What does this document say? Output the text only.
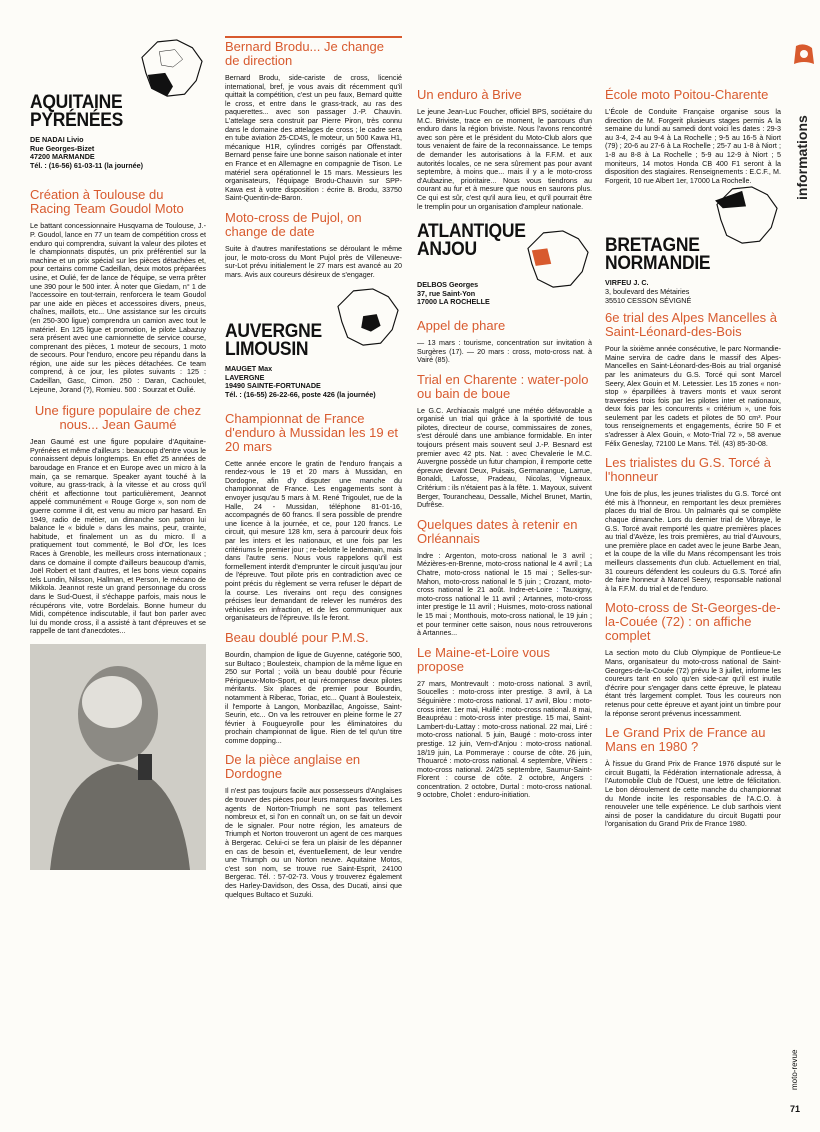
informations
moto-revue
71
AQUITAINE
PYRÉNÉES
DE NADAI Livio
Rue Georges-Bizet
47200 MARMANDE
Tél. : (16-56) 61-03-11 (la journée)
Création à Toulouse du Racing Team Goudol Moto

Le battant concessionnaire Husqvarna de Toulouse, J.-P. Goudol, lance en 77 un team de compétition cross et enduro qui comprendra, suivant la valeur des pilotes et le championnats disputés, un prix préférentiel sur la machine et un prix spécial sur les pièces détachées et, pour certains comme Cadeillan, deux motos préparées usine, et Oulié, fer de lance de l'équipe, se verra prêter une 390 pour le 500 inter. À noter que Giedam, n° 1 de l'accessoire en tout-terrain, renforcera le team Goudol par une aide en pièces et accessoires divers, pneus, chaînes, maillots, etc... Une assistance sur les circuits (en 250-300 ligue) comprendra un camion avec tout le matériel. En 125 ligue et promotion, le pilote Labazuy sera présent avec une camionnette de service course, comprenant des pièces, 1 moteur de secours, 1 moto de secours. Pour l'enduro, encore peu répandu dans la région, une aide sur les pièces détachées. Ce team comprend, à ce jour, les pilotes suivants : 125 : Cadeillan, Gasc, Cimon. 250 : Daran, Cachoulet, Lejeune, Jorand (?), Romieu. 500 : Sourzat et Oulié.

Une figure populaire de chez nous... Jean Gaumé

Jean Gaumé est une figure populaire d'Aquitaine-Pyrénées et même d'ailleurs : beaucoup d'entre vous le connaissent depuis longtemps. En effet 25 années de baroudage en France et en Europe avec un micro à la main, ça se remarque. Speaker ayant touché à la voiture, au grass-track, à la vitesse et au cross qu'il chérit et affectionne tout particulièrement, Jeannot appelé communément « Rouge Gorge », son nom de guerre comme il dit, est venu au micro par hasard. En 1949, radio de métier, un dimanche son patron lui balance le « bidule » dans les mains, peur, crainte, habitude, et finalement un as du micro. Il a pratiquement tout commenté, le Bol d'Or, les Ices Races à Grenoble, les meilleurs cross internationaux ; dans ce domaine il compte d'ailleurs beaucoup d'amis, Joël Robert et tant d'autres, et les bons vieux copains tels Lundin, Nilsson, Hallman, et Person, le mécano de Mikkola. Jeannot reste un grand personnage du cross dans le Sud-Ouest, il s'échappe parfois, mais nous le récupérons vite, votre Bordelais. Bonne humeur du Midi, compétence indiscutable, il faut bon parler avec lui du monde cross, il a assisté à tant d'épreuves et se rappelle de tant d'anecdotes...

Bernard Brodu... Je change de direction

Bernard Brodu, side-cariste de cross, licencié international, bref, je vous avais dit récemment qu'il quittait la compétition, c'est un peu faux, Bernard quitte le cross, et entre dans le grass-track, au ras des paquerettes... avec son passager J.-P. Chauvin. L'attelage sera construit par Pierre Piron, très connu dans le domaine des attelages de cross ; le cadre sera en tube aviation 25-CD4S, le moteur, un 500 Kawa H1, mécanique H1R, cylindres corrigés par Offenstadt. Bernard pense faire une bonne saison nationale et inter en France et en Allemagne en compagnie de Tison. Le matériel sera opérationnel le 15 mars. Messieurs les organisateurs, l'équipage Brodu-Chauvin sur SPP-Kawa est à votre disposition : écrire B. Brodu, 33750 Saint-Quentin-de-Baron.

Moto-cross de Pujol, on change de date

Suite à d'autres manifestations se déroulant le même jour, le moto-cross du Mont Pujol près de Villeneuve-sur-Lot prévu initialement le 27 mars est avancé au 20 mars. Avis aux coureurs désireux de s'engager.

AUVERGNE
LIMOUSIN
MAUGET Max
LAVERGNE
19490 SAINTE-FORTUNADE
Tél. : (16-55) 26-22-66, poste 426 (la journée)
Championnat de France d'enduro à Mussidan les 19 et 20 mars

Cette année encore le gratin de l'enduro français a rendez-vous le 19 et 20 mars à Mussidan, en Dordogne, afin d'y disputer une manche du championnat de France. Les engagements sont à envoyer jusqu'au 5 mars à M. René Trigoulet, rue de la Halle, 24 - Mussidan, téléphone 81-01-16, accompagnés de 60 francs. Il sera possible de prendre une licence à la journée, et ce, pour 120 francs. Le circuit, qui mesure 128 km, sera à parcourir deux fois par les inters et les nationaux, et une fois par les critériums le premier jour ; re-belotte le lendemain, mais dans l'autre sens. Nous vous rappelons qu'il est formellement interdit d'emprunter le circuit jusqu'au jour de l'épreuve. Tout pilote pris en contradiction avec ce point précis du règlement se verra refuser le départ de la course. Les riverains ont reçu des consignes précises leur demandant de relever les numéros des véhicules en infraction, et de les communiquer aux organisateurs de l'épreuve. Ils le feront.

Beau doublé pour P.M.S.

Bourdin, champion de ligue de Guyenne, catégorie 500, sur Bultaco ; Boulesteix, champion de la même ligue en 250 sur Portal ; voilà un beau doublé pour l'écurie Périgueux-Moto-Sport, et qui récompense deux pilotes méritants. Six places de premier pour Bourdin, notamment à Riberac, Toriac, etc... Quant à Boulesteix, il l'emporte à Langon, Monbazillac, Angoisse, Saint-Seurin, etc... On va les retrouver en pleine forme le 27 février à Fougueyrolle pour les éliminatoires du prochain championnat de ligue. Rien de tel qu'un titre comme dopping...

De la pièce anglaise en Dordogne

Il n'est pas toujours facile aux possesseurs d'Anglaises de trouver des pièces pour leurs marques favorites. Les agents de Norton-Triumph ne sont pas tellement nombreux et, si l'on en connaît un, on se fait un devoir de le signaler. Pour notre région, les amateurs de Triumph et Norton trouveront un agent de ces marques à Bergerac. Celui-ci se fera un plaisir de les dépanner en cas de besoin et, éventuellement, de leur vendre une Triumph ou un Norton neuve. Aquitaine Motos, c'est son nom, se trouve rue Saint-Esprit, 24100 Bergerac. Tél. : 57-02-73. Vous y trouverez également des Harley-Davidson, des Ossa, des Ducati, ainsi que quelques Bultaco et Suzuki.

Un enduro à Brive

Le jeune Jean-Luc Foucher, officiel BPS, sociétaire du M.C. Briviste, trace en ce moment, le parcours d'un enduro dans la région briviste. Nous l'avons rencontré avec son père et le président du Moto-Club alors que tous venaient de faire de la reconnaissance. Le temps de demander les autorisations à la F.F.M. et aux autorités locales, ce ne sera sûrement pas pour avant septembre, à moins que... mais il y a le moto-cross d'Aubazine, prioritaire... Nous vous tiendrons au courant au fur et à mesure que nous en saurons plus. Ce qui est sûr, c'est qu'il aura lieu, et qu'il pourrait être le tremplin pour un organisation d'ampleur nationale.

ATLANTIQUE
ANJOU
DELBOS Georges
37, rue Saint-Yon
17000 LA ROCHELLE
Appel de phare

— 13 mars : tourisme, concentration sur invitation à Surgères (17). — 20 mars : cross, moto-cross nat. à Vairé (85).

Trial en Charente : water-polo ou bain de boue

Le G.C. Archiacais malgré une météo défavorable a organisé un trial qui grâce à la sportivité de tous pilotes, directeur de course, commissaires de zones, s'est déroulé dans une ambiance formidable. En inter toujours présent mais souvent seul J.-P. Besnard est premier avec 42 pts. Nat. : avec Chevalerie le M.C. Auvergne possède un futur champion, il remporte cette épreuve devant Deux, Puisais, Germanangue, Larrue, Bonaldi, Lafosse, Pradeau, Nicolas, Vigneaux. Critérium : ils n'étaient pas à la fête. 1. Mayoux, suivent Berger, Tourancheau, Dessalle, Michel Brunet, Martin, Dufrêse.

Quelques dates à retenir en Orléannais

Indre : Argenton, moto-cross national le 3 avril ; Mézières-en-Brenne, moto-cross national le 4 avril ; La Chatre, moto-cross national le 15 mai ; Selles-sur-Mahon, moto-cross national le 5 juin ; Crozant, moto-cross national le 21 août. Indre-et-Loire : Tauxigny, moto-cross national le 11 avril ; Artannes, moto-cross inter prestige le 11 avril ; Huismes, moto-cross national le 15 mai ; Monthouis, moto-cross national, le 19 juin ; et pour terminer cette saison, nous nous retrouverons à Artannes...

Le Maine-et-Loire vous propose

27 mars, Montrevault : moto-cross national. 3 avril, Soucelles : moto-cross inter prestige. 3 avril, à La Séguinière : moto-cross national. 17 avril, Blou : moto-cross inter. 1er mai, Huillé : moto-cross national. 8 mai, Beaupréau : moto-cross inter prestige. 15 mai, Saint-Lambert-du-Lattay : moto-cross national. 22 mai, Liré : moto-cross national. 5 juin, Baugé : moto-cross inter prestige. 12 juin, Vern-d'Anjou : moto-cross national. 18/19 juin, La Pommeraye : course de côte. 26 juin, Thouarcé : moto-cross national. 4 septembre, Vihiers : moto-cross national. 24/25 septembre, Saumur-Saint-Florent : course de côte. 2 octobre, Angers : concentration. 2 octobre, Durtal : moto-cross national. 9 octobre, Cholet : enduro-initiation.

École moto Poitou-Charente

L'École de Conduite Française organise sous la direction de M. Forgerit plusieurs stages permis A la semaine du lundi au samedi dont voici les dates : 29-3 au 3-4, 2-4 au 9-4 à La Rochelle ; 9-5 au 16-5 à Niort (79) ; 20-6 au 27-6 à La Rochelle ; 25-7 au 1-8 à Niort ; 1-8 au 8-8 à La Rochelle ; 5-9 au 12-9 à Niort ; 5 moniteurs, 14 motos Honda CB 400 F1 seront à la disposition des stagiaires. Renseignements : E.C.F., M. Forgerit, 10 rue Albert 1er, 17000 La Rochelle.

BRETAGNE
NORMANDIE
VIRFEU J. C.
3, boulevard des Métairies
35510 CESSON SÉVIGNÉ
6e trial des Alpes Mancelles à Saint-Léonard-des-Bois

Pour la sixième année consécutive, le parc Normandie-Maine servira de cadre dans le massif des Alpes-Mancelles en Saint-Léonard-des-Bois au trial organisé par les animateurs du G.S. Torcé qui sont Marcel Seery, Alex Gouin et M. Letessier. Les 15 zones « non-stop » éparpillées à travers monts et vaux seront traversées trois fois par les pilotes inter et nationaux, deux fois par les concurrents « critérium », une fois seulement par les cadets et pilotes de 50 cm³. Pour tous renseignements et engagements, écrire 50 F et s'adresser à Alex Gouin, « Moto-Trial 72 », 58 avenue Félix Geneslay, 72100 Le Mans. Tél. (43) 85-30-08.

Les trialistes du G.S. Torcé à l'honneur

Une fois de plus, les jeunes trialistes du G.S. Torcé ont été mis à l'honneur, en remportant les deux premières places du trial de Brou. Un palmarès qui se complète chaque dimanche. Lors du dernier trial de Vibraye, le G.S. Torcé avait remporté les quatre premières places au trial d'Avèze, les trois premières, au trial d'Auvours, une première place en cadet avec le jeune Barbe Jean, et la coupe de la ville du Mans récompensant les trois meilleurs classements d'un club. Actuellement en trial, 31 coureurs défendent les couleurs du G.S. Torcé afin de faire honneur à Marcel Seery, responsable national à la F.F.M. du trial et de l'enduro.

Moto-cross de St-Georges-de-la-Couée (72) : on affiche complet

La section moto du Club Olympique de Pontlieue-Le Mans, organisateur du moto-cross national de Saint-Georges-de-la-Couée (72) prévu le 3 juillet, informe les coureurs tant en solo qu'en side-car qu'il est inutile d'écrire pour s'engager dans cette épreuve, le plateau étant très largement complet. Tous les coureurs non retenus pour cette épreuve et ayant joint un timbre pour la réponse seront prévenus incessamment.

Le Grand Prix de France au Mans en 1980 ?

À l'issue du Grand Prix de France 1976 disputé sur le circuit Bugatti, la Fédération internationale adressa, à l'Automobile Club de l'Ouest, une lettre de félicitation. Le bon déroulement de cette manche du championnat du Monde incite les responsables de l'A.C.O. à renouveler une telle expérience. Le club sarthois vient ainsi de poser la candidature du circuit Bugatti pour l'organisation du Grand Prix de France 1980.
